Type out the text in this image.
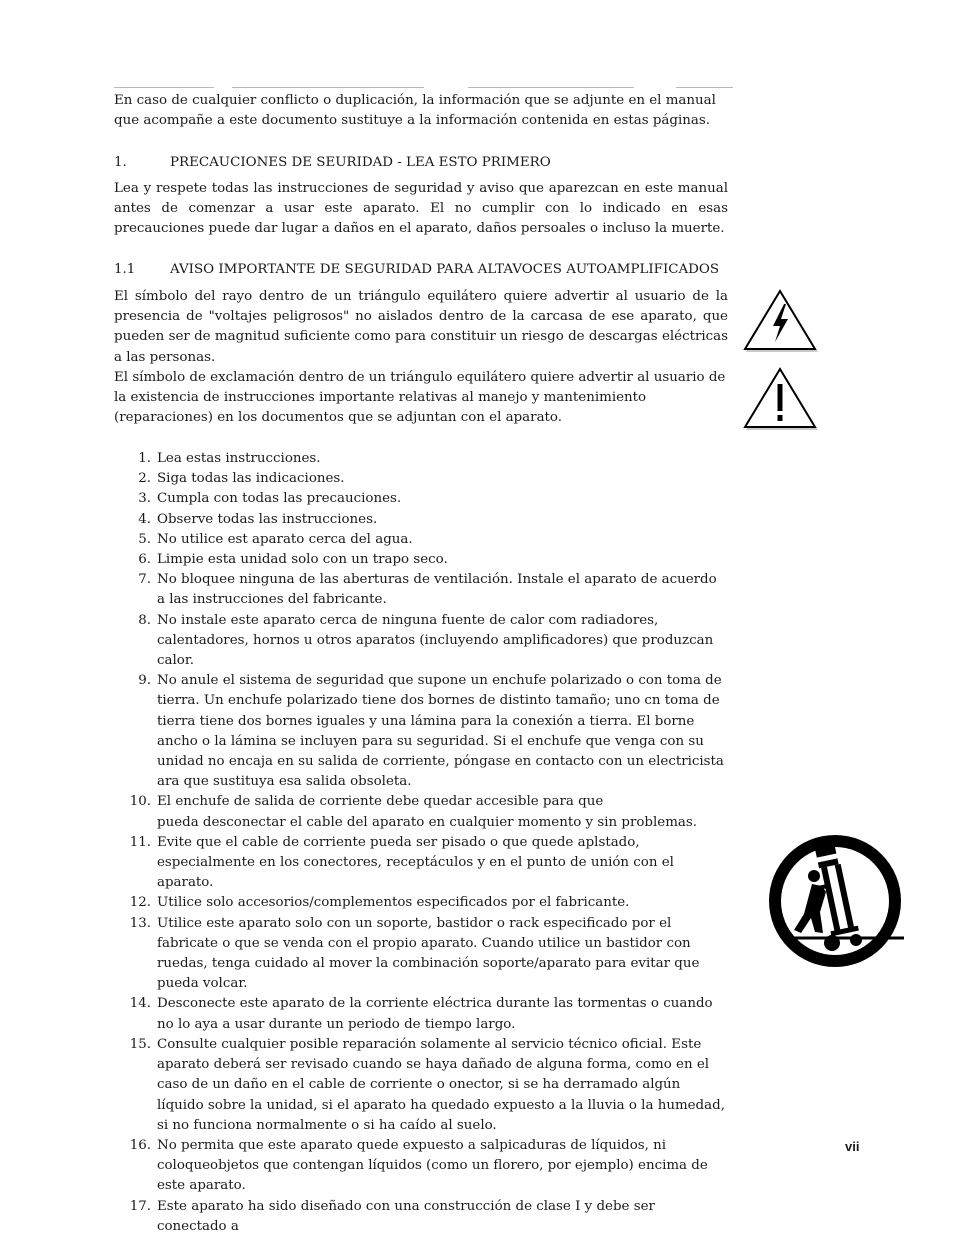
En caso de cualquier conflicto o duplicación, la información que se adjunte en el manual que acompañe a este documento sustituye a la información contenida en estas páginas.

1.	PRECAUCIONES DE SEURIDAD - LEA ESTO PRIMERO

Lea y respete todas las instrucciones de seguridad y aviso que aparezcan en este manual antes de comenzar a usar este aparato. El no cumplir con lo indicado en esas precauciones puede dar lugar a daños en el aparato, daños persoales o incluso la muerte.

1.1	AVISO IMPORTANTE DE SEGURIDAD PARA ALTAVOCES AUTOAMPLIFICADOS

El símbolo del rayo dentro de un triángulo equilátero quiere advertir al usuario de la presencia de "voltajes peligrosos" no aislados dentro de la carcasa de ese aparato, que pueden ser de magnitud suficiente como para constituir un riesgo de descargas eléctricas a las personas.

El símbolo de exclamación dentro de un triángulo equilátero quiere advertir al usuario de la existencia de instrucciones importante relativas al manejo y mantenimiento (reparaciones) en los documentos que se adjuntan con el aparato.

1. Lea estas instrucciones.
2. Siga todas las indicaciones.
3. Cumpla con todas las precauciones.
4. Observe todas las instrucciones.
5. No utilice est aparato cerca del agua.
6. Limpie esta unidad solo con un trapo seco.
7. No bloquee ninguna de las aberturas de ventilación. Instale el aparato de acuerdo a las instrucciones del fabricante.
8. No instale este aparato cerca de ninguna fuente de calor com radiadores, calentadores, hornos u otros aparatos (incluyendo amplificadores) que produzcan calor.
9. No anule el sistema de seguridad que supone un enchufe polarizado o con toma de tierra. Un enchufe polarizado tiene dos bornes de distinto tamaño; uno cn toma de tierra tiene dos bornes iguales y una lámina para la conexión a tierra. El borne ancho o la lámina se incluyen para su seguridad. Si el enchufe que venga con su unidad no encaja en su salida de corriente, póngase en contacto con un electricista ara que sustituya esa salida obsoleta.
10. El enchufe de salida de corriente debe quedar accesible para que
pueda desconectar el cable del aparato en cualquier momento y sin problemas.
11. Evite que el cable de corriente pueda ser pisado o que quede aplstado, especialmente en los conectores, receptáculos y en el punto de unión con el aparato.
12. Utilice solo accesorios/complementos especificados por el fabricante.
13. Utilice este aparato solo con un soporte, bastidor o rack especificado por el fabricate o que se venda con el propio aparato. Cuando utilice un bastidor con ruedas, tenga cuidado al mover la combinación soporte/aparato para evitar que pueda volcar.
14. Desconecte este aparato de la corriente eléctrica durante las tormentas o cuando no lo aya a usar durante un periodo de tiempo largo.
15. Consulte cualquier posible reparación solamente al servicio técnico oficial. Este aparato deberá ser revisado cuando se haya dañado de alguna forma, como en el caso de un daño en el cable de corriente o onector, si se ha derramado algún líquido sobre la unidad, si el aparato ha quedado expuesto a la lluvia o la humedad, si no funciona normalmente o si ha caído al suelo.
16. No permita que este aparato quede expuesto a salpicaduras de líquidos, ni coloqueobjetos que contengan líquidos (como un florero, por ejemplo) encima de este aparato.
17. Este aparato ha sido diseñado con una construcción de clase I y debe ser conectado a
vii
